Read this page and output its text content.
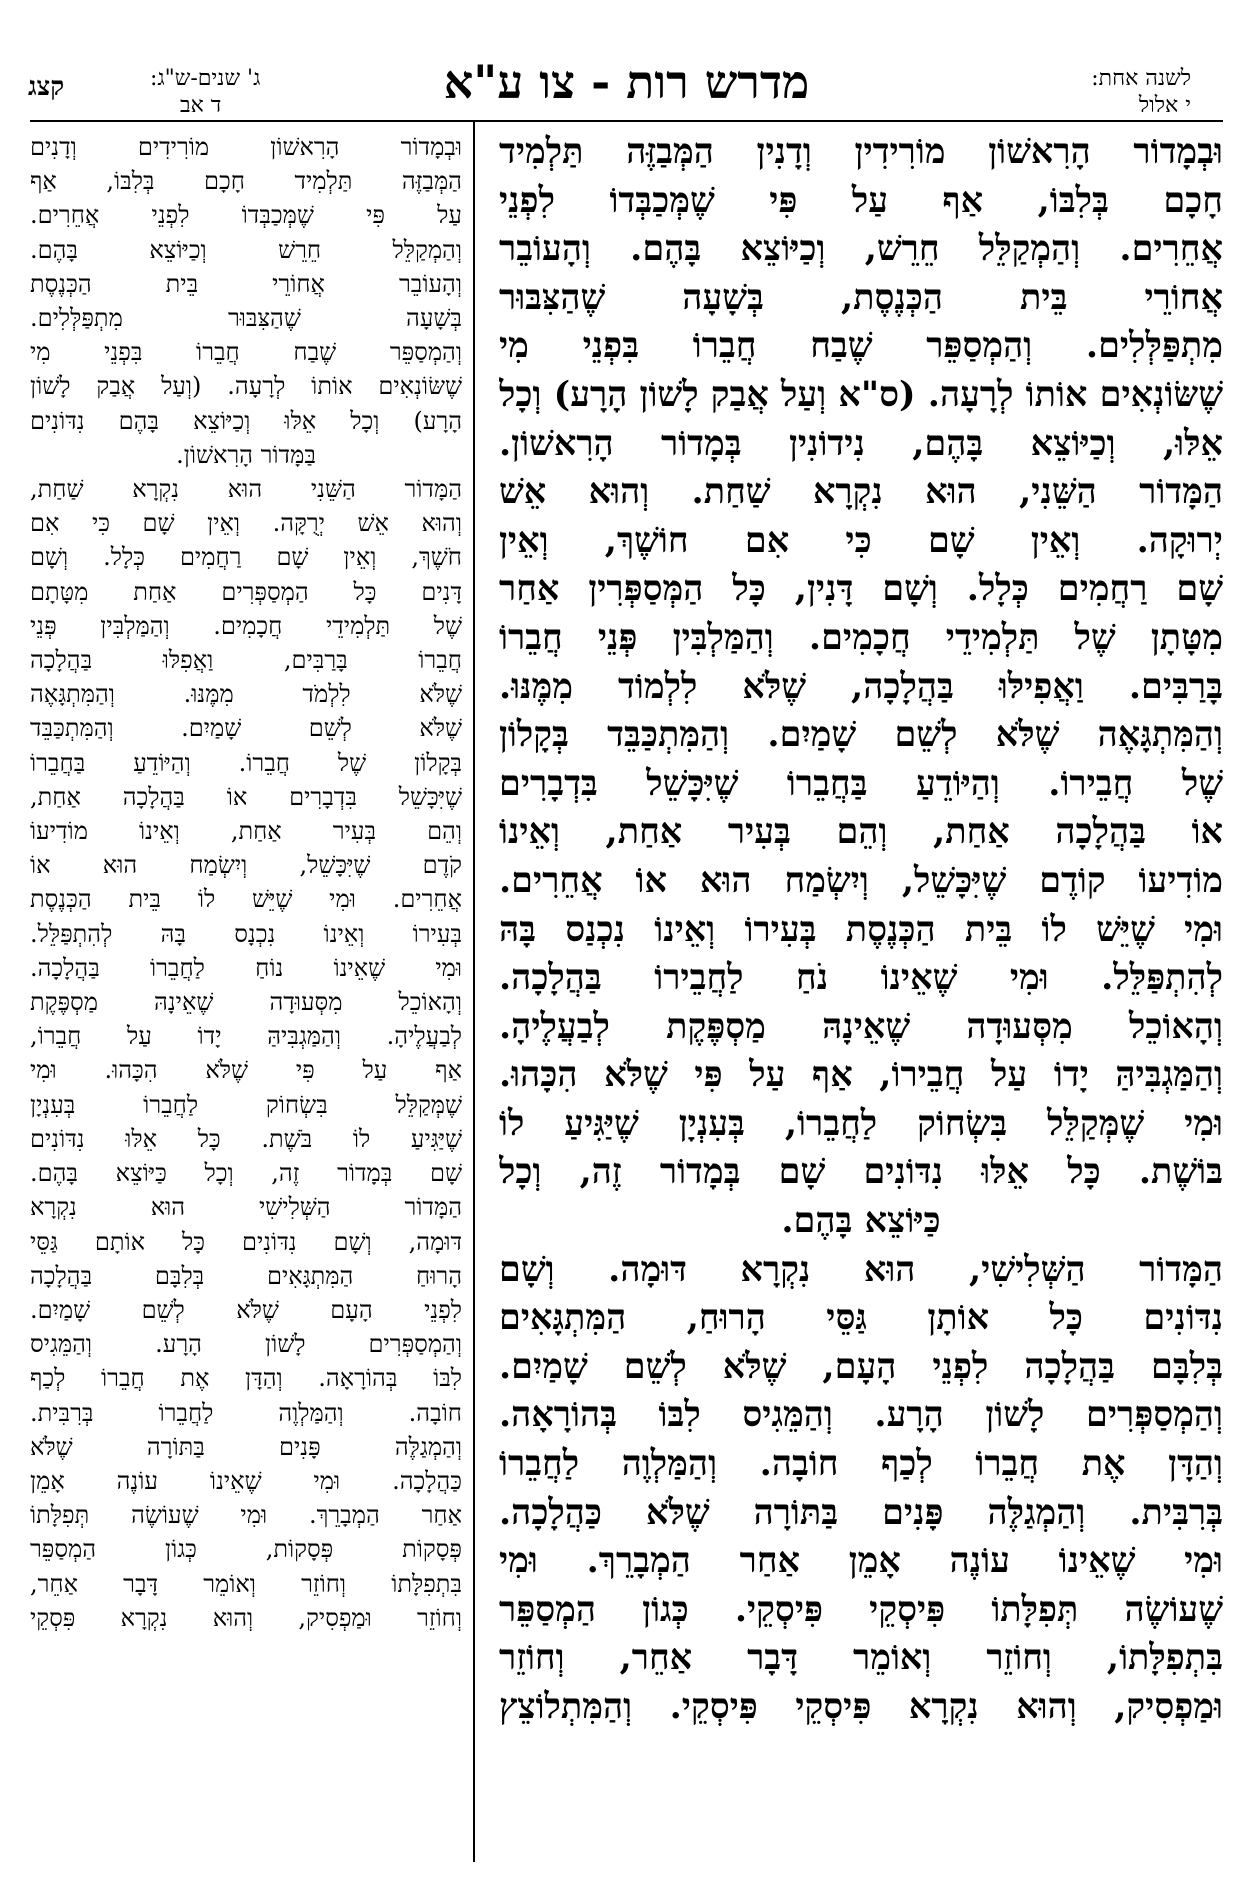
לשנה אחת:
י אלול
מדרש רות - צו ע"א
ג' שנים-ש"ג:
ד אב
קצג

וּבְמָדוֹר הָרִאשׁוֹן מוֹרִידִין וְדָנִין הַמְּבַזֶּה תַּלְמִיד

חָכָם בְּלִבּוֹ, אַף עַל פִּי שֶׁמְּכַבְּדוֹ לִפְנֵי

אֲחֵרִים. וְהַמְקַלֵּל חֵרֵשׁ, וְכַיּוֹצֵא בָּהֶם. וְהָעוֹבֵר

אֲחוֹרֵי בֵּית הַכְּנֶסֶת, בְּשָׁעָה שֶׁהַצִּבּוּר

מִתְפַּלְּלִים. וְהַמְסַפֵּר שֶׁבַח חֲבֵרוֹ בִּפְנֵי מִי

שֶׁשּׂוֹנְאִים אוֹתוֹ לְרָעָה. (ס"א וְעַל אֲבַק לָשׁוֹן הָרָע) וְכָל

אֵלּוּ, וְכַיּוֹצֵא בָּהֶם, נִידוֹנִין בְּמָדוֹר הָרִאשׁוֹן.

הַמָּדוֹר הַשֵּׁנִי, הוּא נִקְרָא שַׁחַת. וְהוּא אֵשׁ

יְרוּקָה. וְאֵין שָׁם כִּי אִם חוֹשֶׁךְ, וְאֵין

שָׁם רַחֲמִים כְּלָל. וְשָׁם דָּנִין, כָּל הַמְּסַפְּרִין אַחַר

מִטָּתָן שֶׁל תַּלְמִידֵי חֲכָמִים. וְהַמַּלְבִּין פְּנֵי חֲבֵרוֹ

בָּרַבִּים. וַאֲפִילּוּ בַּהֲלָכָה, שֶׁלֹּא לִלְמוֹד מִמֶּנּוּ.

וְהַמִּתְגָּאֶה שֶׁלֹּא לְשֵׁם שָׁמַיִם. וְהַמִּתְכַּבֵּד בְּקָלוֹן

שֶׁל חֲבֵירוֹ. וְהַיּוֹדֵעַ בַּחֲבֵרוֹ שֶׁיִּכָּשֵׁל בִּדְבָרִים

אוֹ בַּהֲלָכָה אַחַת, וְהֵם בְּעִיר אַחַת, וְאֵינוֹ

מוֹדִיעוֹ קוֹדֶם שֶׁיִּכָּשֵׁל, וְיִשְׂמַח הוּא אוֹ אֲחֵרִים.

וּמִי שֶׁיֵּשׁ לוֹ בֵּית הַכְּנֶסֶת בְּעִירוֹ וְאֵינוֹ נִכְנַס בָּהּ

לְהִתְפַּלֵּל. וּמִי שֶׁאֵינוֹ נֹחַ לַחֲבֵירוֹ בַּהֲלָכָה.

וְהָאוֹכֵל מִסְּעוּדָה שֶׁאֵינָהּ מַסְפֶּקֶת לְבַעֲלֶיהָ.

וְהַמַּגְבִּיהַּ יָדוֹ עַל חֲבֵירוֹ, אַף עַל פִּי שֶׁלֹּא הִכָּהוּ.

וּמִי שֶׁמְּקַלֵּל בִּשְׂחוֹק לַחֲבֵרוֹ, בְּעִנְיָן שֶׁיַּגִּיעַ לוֹ

בּוֹשֶׁת. כָּל אֵלּוּ נִדּוֹנִים שָׁם בְּמָדוֹר זֶה, וְכָל

כַּיּוֹצֵא בָּהֶם.

הַמָּדוֹר הַשְּׁלִישִׁי, הוּא נִקְרָא דּוּמָה. וְשָׁם

נִדּוֹנִים כָּל אוֹתָן גַּסֵּי הָרוּחַ, הַמִּתְגָּאִים

בְּלִבָּם בַּהֲלָכָה לִפְנֵי הָעָם, שֶׁלֹּא לְשֵׁם שָׁמַיִם.

וְהַמְסַפְּרִים לָשׁוֹן הָרָע. וְהַמֵּגִיס לִבּוֹ בְּהוֹרָאָה.

וְהַדָּן אֶת חֲבֵרוֹ לְכַף חוֹבָה. וְהַמַּלְוֶה לַחֲבֵרוֹ

בְּרִבִּית. וְהַמְגַלֶּה פָּנִים בַּתּוֹרָה שֶׁלֹּא כַּהֲלָכָה.

וּמִי שֶׁאֵינוֹ עוֹנֶה אָמֵן אַחַר הַמְבָרֵךְ. וּמִי

שֶׁעוֹשֶׂה תְּפִלָּתוֹ פִּיסְקֵי פִּיסְקֵי. כְּגוֹן הַמְסַפֵּר

בִּתְפִלָּתוֹ, וְחוֹזֵר וְאוֹמֵר דָּבָר אַחֵר, וְחוֹזֵר

וּמַפְסִיק, וְהוּא נִקְרָא פִּיסְקֵי פִּיסְקֵי. וְהַמִּתְלוֹצֵץ

וּבְמָדוֹר הָרִאשׁוֹן מוֹרִידִים וְדָנִים

הַמְּבַזֶּה תַּלְמִיד חָכָם בְּלִבּוֹ, אַף

עַל פִּי שֶׁמְּכַבְּדוֹ לִפְנֵי אֲחֵרִים.

וְהַמְקַלֵּל חֵרֵשׁ וְכַיּוֹצֵא בָּהֶם.

וְהָעוֹבֵר אֲחוֹרֵי בֵּית הַכְּנֶסֶת

בְּשָׁעָה שֶׁהַצִּבּוּר מִתְפַּלְּלִים.

וְהַמְסַפֵּר שֶׁבַח חֲבֵרוֹ בִּפְנֵי מִי

שֶׁשּׂוֹנְאִים אוֹתוֹ לְרָעָה. (וְעַל אֲבַק לָשׁוֹן

הָרָע) וְכָל אֵלּוּ וְכַיּוֹצֵא בָּהֶם נִדּוֹנִים

בַּמָּדוֹר הָרִאשׁוֹן.

הַמָּדוֹר הַשֵּׁנִי הוּא נִקְרָא שַׁחַת,

וְהוּא אֵשׁ יְרֻקָּה. וְאֵין שָׁם כִּי אִם

חֹשֶׁךְ, וְאֵין שָׁם רַחֲמִים כְּלָל. וְשָׁם

דָּנִים כָּל הַמְסַפְּרִים אַחַת מִטָּתָם

שֶׁל תַּלְמִידֵי חֲכָמִים. וְהַמַּלְבִּין פְּנֵי

חֲבֵרוֹ בָּרַבִּים, וַאֲפִלּוּ בַּהֲלָכָה

שֶׁלֹּא לִלְמֹד מִמֶּנּוּ. וְהַמִּתְגָּאֶה

שֶׁלֹּא לְשֵׁם שָׁמַיִם. וְהַמִּתְכַּבֵּד

בְּקָלוֹן שֶׁל חֲבֵרוֹ. וְהַיּוֹדֵעַ בַּחֲבֵרוֹ

שֶׁיִּכָּשֵׁל בִּדְבָרִים אוֹ בַּהֲלָכָה אַחַת,

וְהֵם בְּעִיר אַחַת, וְאֵינוֹ מוֹדִיעוֹ

קֹדֶם שֶׁיִּכָּשֵׁל, וְיִשְׂמַח הוּא אוֹ

אֲחֵרִים. וּמִי שֶׁיֵּשׁ לוֹ בֵּית הַכְּנֶסֶת

בְּעִירוֹ וְאֵינוֹ נִכְנָס בָּהּ לְהִתְפַּלֵּל.

וּמִי שֶׁאֵינוֹ נוֹחַ לַחֲבֵרוֹ בַּהֲלָכָה.

וְהָאוֹכֵל מִסְּעוּדָה שֶׁאֵינָהּ מַסְפֶּקֶת

לְבַעֲלֶיהָ. וְהַמַּגְבִּיהַּ יָדוֹ עַל חֲבֵרוֹ,

אַף עַל פִּי שֶׁלֹּא הִכָּהוּ. וּמִי

שֶׁמְּקַלֵּל בִּשְׂחוֹק לַחֲבֵרוֹ בְּעִנְיָן

שֶׁיַּגִּיעַ לוֹ בֹּשֶׁת. כָּל אֵלּוּ נִדּוֹנִים

שָׁם בְּמָדוֹר זֶה, וְכָל כַּיּוֹצֵא בָּהֶם.

הַמָּדוֹר הַשְּׁלִישִׁי הוּא נִקְרָא

דּוּמָה, וְשָׁם נִדּוֹנִים כָּל אוֹתָם גַּסֵּי

הָרוּחַ הַמִּתְגָּאִים בְּלִבָּם בַּהֲלָכָה

לִפְנֵי הָעָם שֶׁלֹּא לְשֵׁם שָׁמַיִם.

וְהַמְסַפְּרִים לָשׁוֹן הָרָע. וְהַמֵּגִיס

לִבּוֹ בְּהוֹרָאָה. וְהַדָּן אֶת חֲבֵרוֹ לְכַף

חוֹבָה. וְהַמַּלְוֶה לַחֲבֵרוֹ בְּרִבִּית.

וְהַמְגַלֶּה פָּנִים בַּתּוֹרָה שֶׁלֹּא

כַּהֲלָכָה. וּמִי שֶׁאֵינוֹ עוֹנֶה אָמֵן

אַחַר הַמְבָרֵךְ. וּמִי שֶׁעוֹשֶׂה תְּפִלָּתוֹ

פְּסָקוֹת פְּסָקוֹת, כְּגוֹן הַמְסַפֵּר

בִּתְפִלָּתוֹ וְחוֹזֵר וְאוֹמֵר דָּבָר אַחֵר,

וְחוֹזֵר וּמַפְסִיק, וְהוּא נִקְרָא פִּסְקֵי
